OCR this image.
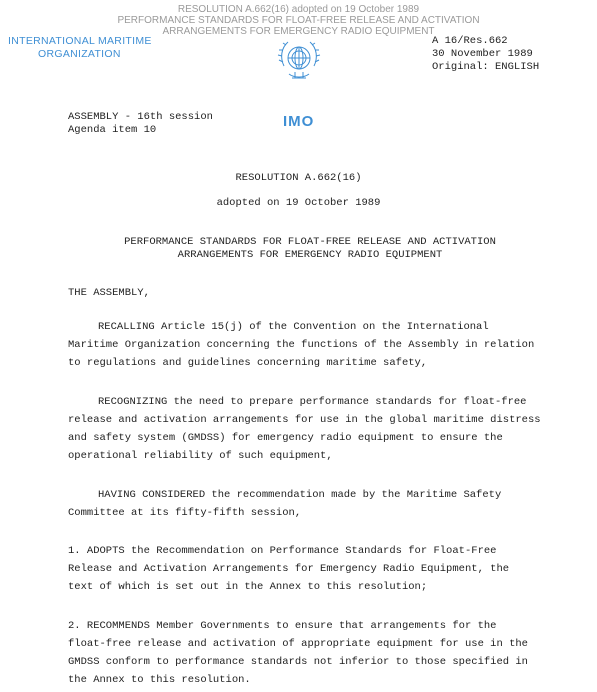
RESOLUTION A.662(16) adopted on 19 October 1989
PERFORMANCE STANDARDS FOR FLOAT-FREE RELEASE AND ACTIVATION
ARRANGEMENTS FOR EMERGENCY RADIO EQUIPMENT
INTERNATIONAL MARITIME
ORGANIZATION
A 16/Res.662
30 November 1989
Original: ENGLISH
ASSEMBLY - 16th session
Agenda item 10	IMO
RESOLUTION A.662(16)
adopted on 19 October 1989
PERFORMANCE STANDARDS FOR FLOAT-FREE RELEASE AND ACTIVATION
ARRANGEMENTS FOR EMERGENCY RADIO EQUIPMENT
THE ASSEMBLY,
RECALLING Article 15(j) of the Convention on the International
Maritime Organization concerning the functions of the Assembly in relation
to regulations and guidelines concerning maritime safety,
RECOGNIZING the need to prepare performance standards for float-free
release and activation arrangements for use in the global maritime distress
and safety system (GMDSS) for emergency radio equipment to ensure the
operational reliability of such equipment,
HAVING CONSIDERED the recommendation made by the Maritime Safety
Committee at its fifty-fifth session,
1. ADOPTS the Recommendation on Performance Standards for Float-Free
Release and Activation Arrangements for Emergency Radio Equipment, the
text of which is set out in the Annex to this resolution;
2. RECOMMENDS Member Governments to ensure that arrangements for the
float-free release and activation of appropriate equipment for use in the
GMDSS conform to performance standards not inferior to those specified in
the Annex to this resolution.
